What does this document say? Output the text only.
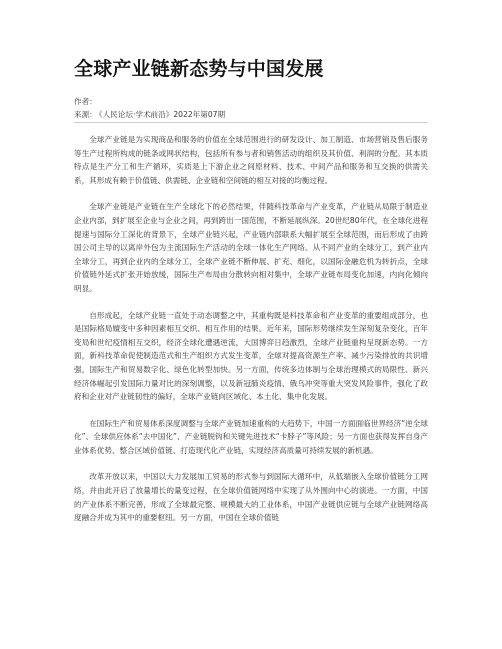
全球产业链新态势与中国发展
作者：
来源： 《人民论坛·学术前沿》2022年第07期

全球产业链是为实现商品和服务的价值在全球范围进行的研发设计、加工制造、市场营销及售后服务等生产过程所构成的链条或网状结构，包括所有参与者和销售活动的组织及其价值、利润的分配。其本质特点是生产分工和生产循环，实质是上下游企业之间原材料、技术、中间产品和服务和互交换的供需关系，其形成有赖于价值链、供需链、企业链和空间链的相互对接的均衡过程。

全球产业链是产业链在生产全球化下的必然结果，伴随科技革命与产业变革，产业链从局限于制造业企业内部，到扩展至企业与企业之间，再到跨出一国范围，不断延展纵深。20世纪80年代，在全球化进程提速与国际分工深化的背景下，全球产业链兴起，产业链内部联系大幅扩展至全球范围，而后形成了由跨国公司主导的以离岸外包为主流国际生产活动的全球一体化生产网络。从不同产业的全球分工，到产业内全球分工，再到企业内的全球分工，全球产业链不断伸展、扩充、细化，以国际金融危机为转折点，全球价值链外延式扩张开始放缓，国际生产布局由分散转向相对集中，全球产业链布局变化加速，内向化倾向明显。

自形成起，全球产业链一直处于动态调整之中，其重构既是科技革命和产业变革的重要组成部分，也是国际格局嬗变中多种因素相互交织、相互作用的结果。近年来，国际形势继续发生深刻复杂变化，百年变局和世纪疫情相互交织，经济全球化遭遇逆流，大国博弈日趋激烈，全球产业链重构呈现新态势。一方面，新科技革命促使制造范式和生产组织方式发生变革，全球对提高资源生产率、减少污染排放的共识增强，国际生产和贸易数字化、绿色化转型加快。另一方面，传统多边体制与全球治理模式的局限性、新兴经济体崛起引发国际力量对比的深刻调整，以及新冠肺炎疫情、俄乌冲突等重大突发风险事件，强化了政府和企业对产业链韧性的偏好，全球产业链向区域化、本土化、集中化发展。

在国际生产和贸易体系深度调整与全球产业链加速重构的大趋势下，中国一方面面临世界经济“逆全球化”、全球供应体系“去中国化”、产业链脱钩和关键先进技术“卡脖子”等风险；另一方面也获得发挥自身产业体系优势、整合区域价值链、打造现代化产业链，实现经济高质量可持续发展的新机遇。

改革开放以来，中国以大力发展加工贸易的形式参与到国际大循环中，从低端嵌入全球价值链分工网络，并由此开启了放量增长的量变过程，在全球价值链网络中实现了从外围向中心的演进。一方面，中国的产业体系不断完善，形成了全球最完整、规模最大的工业体系，中国产业链供应链与全球产业链网络高度融合并成为其中的重要枢纽。另一方面，中国在全球价值链
